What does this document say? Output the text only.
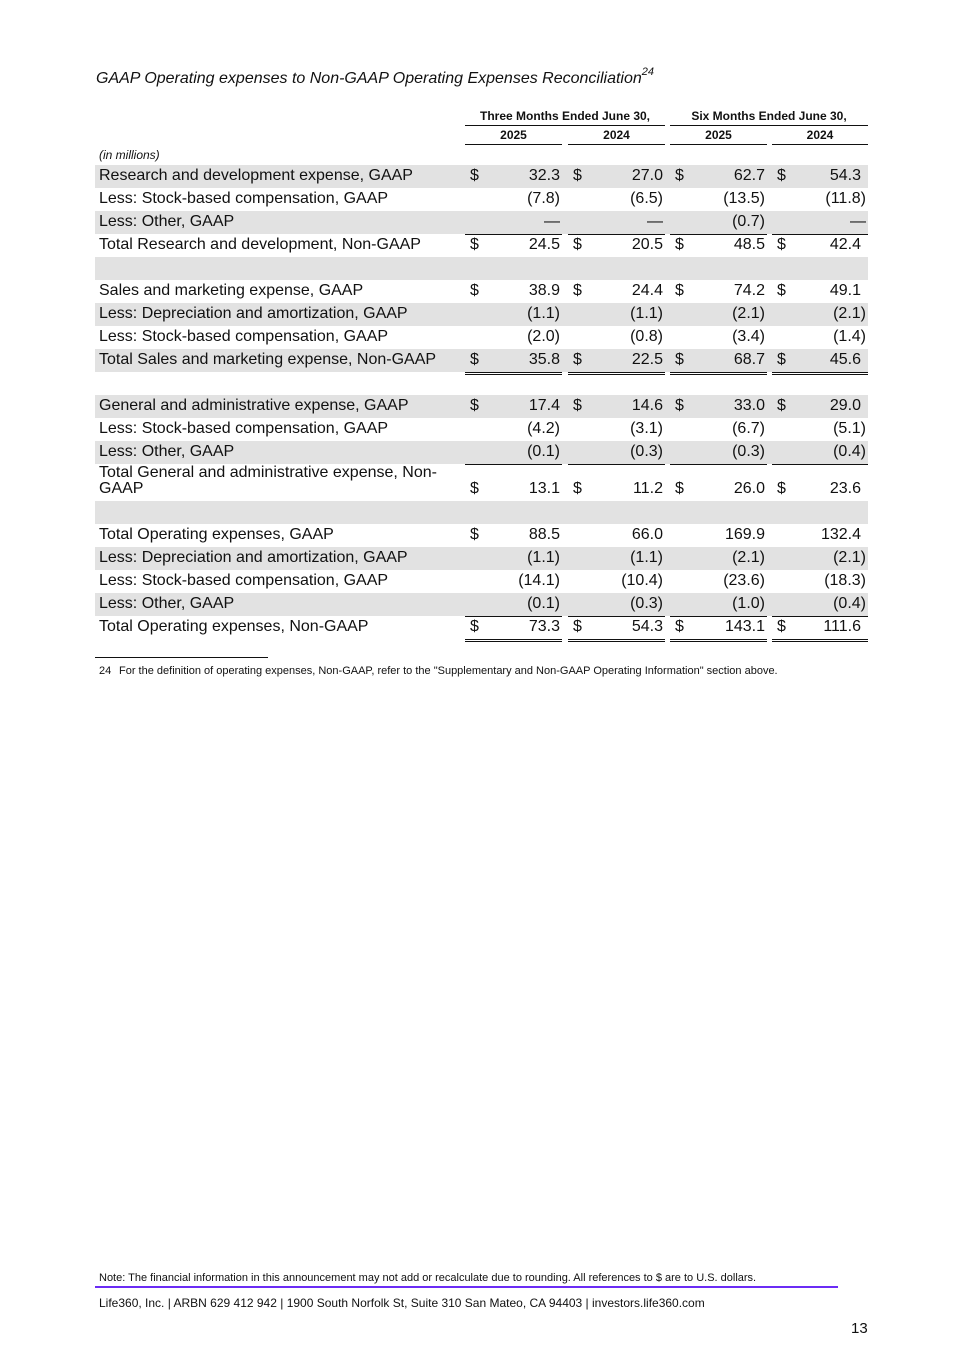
GAAP Operating expenses to Non-GAAP Operating Expenses Reconciliation$^{24}$
Three Months Ended June 30,	Six Months Ended June 30,
2025	2024	2025	2024
(in millions)
Research and development expense, GAAP	$	32.3 $	27.0 $	62.7 $	54.3
Less: Stock-based compensation, GAAP	(7.8)	(6.5)	(13.5)	(11.8)
Less: Other, GAAP	—	—	(0.7)	—
Total Research and development, Non-GAAP	$	24.5 $	20.5 $	48.5 $	42.4
Sales and marketing expense, GAAP	$	38.9 $	24.4 $	74.2 $	49.1
Less: Depreciation and amortization, GAAP	(1.1)	(1.1)	(2.1)	(2.1)
Less: Stock-based compensation, GAAP	(2.0)	(0.8)	(3.4)	(1.4)
Total Sales and marketing expense, Non-GAAP	$	35.8 $	22.5 $	68.7 $	45.6
General and administrative expense, GAAP	$	17.4 $	14.6 $	33.0 $	29.0
Less: Stock-based compensation, GAAP	(4.2)	(3.1)	(6.7)	(5.1)
Less: Other, GAAP	(0.1)	(0.3)	(0.3)	(0.4)
Total General and administrative expense, Non-GAAP	$	13.1 $	11.2 $	26.0 $	23.6
Total Operating expenses, GAAP	$	88.5	66.0	169.9	132.4
Less: Depreciation and amortization, GAAP	(1.1)	(1.1)	(2.1)	(2.1)
Less: Stock-based compensation, GAAP	(14.1)	(10.4)	(23.6)	(18.3)
Less: Other, GAAP	(0.1)	(0.3)	(1.0)	(0.4)
Total Operating expenses, Non-GAAP	$	73.3 $	54.3 $	143.1 $ 111.6
24 For the definition of operating expenses, Non-GAAP, refer to the "Supplementary and Non-GAAP Operating Information" section above.
Note: The financial information in this announcement may not add or recalculate due to rounding. All references to $ are to U.S. dollars.
Life360, Inc. | ARBN 629 412 942 | 1900 South Norfolk St, Suite 310 San Mateo, CA 94403 | investors.life360.com
13
